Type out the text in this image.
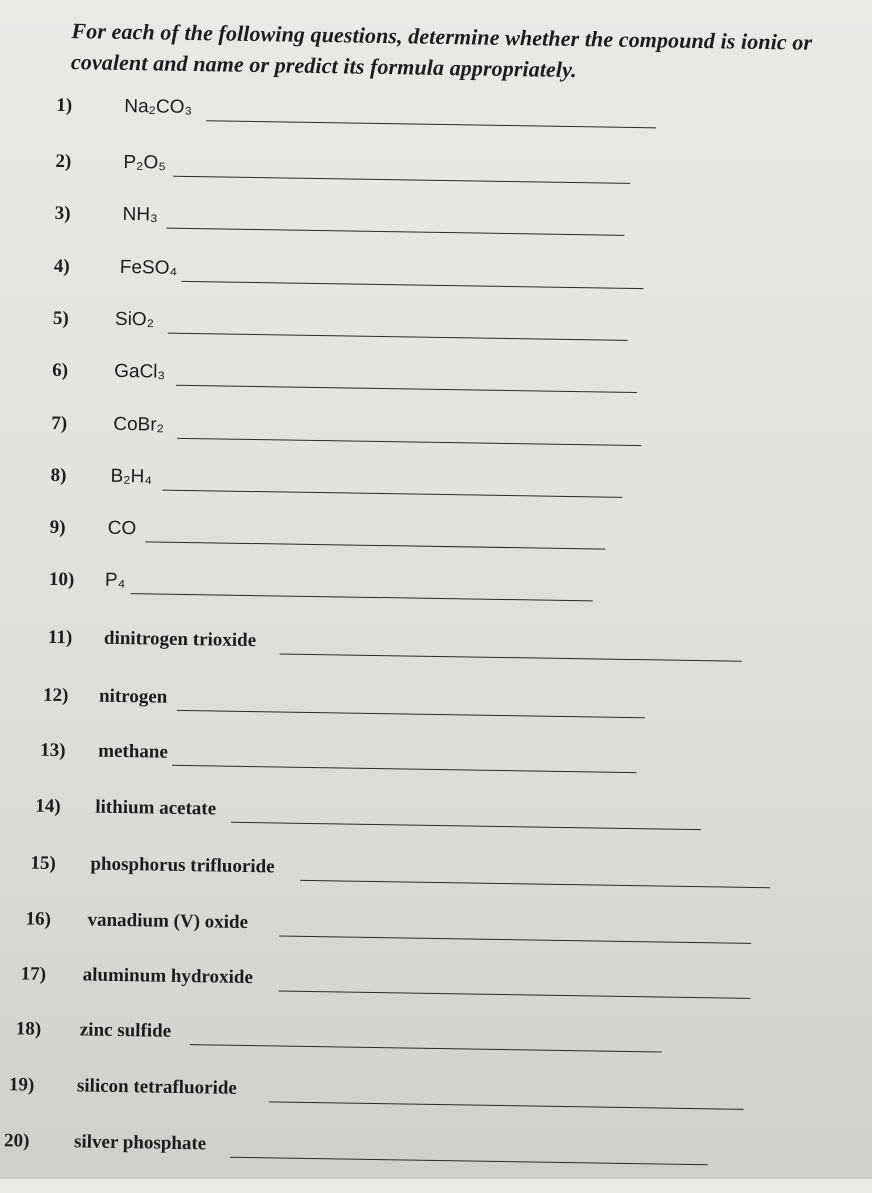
For each of the following questions, determine whether the compound is ionic or covalent and name or predict its formula appropriately.

1)	Na₂CO₃
2)	P₂O₅
3)	NH₃
4)	FeSO₄
5) SiO₂
6) GaCl₃
7) CoBr₂
8) B₂H₄
9) CO
10) P₄
11) dinitrogen trioxide
12) nitrogen
13) methane
14) lithium acetate
15) phosphorus trifluoride
16) vanadium (V) oxide
17) aluminum hydroxide
18) zinc sulfide
19) silicon tetrafluoride
20) silver phosphate
